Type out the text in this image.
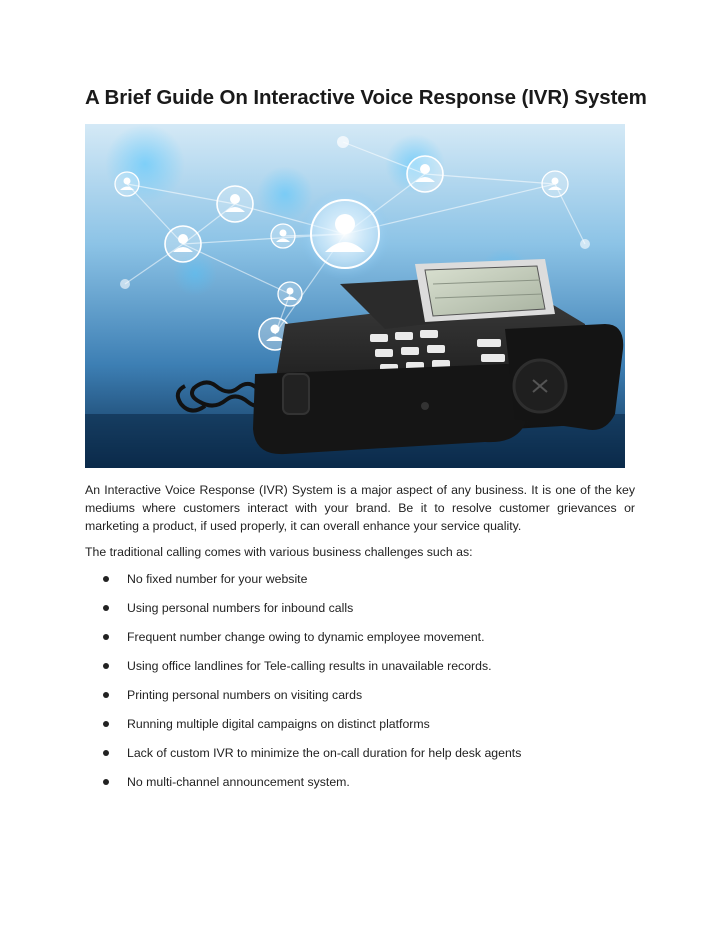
A Brief Guide On Interactive Voice Response (IVR) System

An Interactive Voice Response (IVR) System is a major aspect of any business. It is one of the key mediums where customers interact with your brand. Be it to resolve customer grievances or marketing a product, if used properly, it can overall enhance your service quality.

The traditional calling comes with various business challenges such as:

No fixed number for your website
Using personal numbers for inbound calls
Frequent number change owing to dynamic employee movement.
Using office landlines for Tele-calling results in unavailable records.
Printing personal numbers on visiting cards
Running multiple digital campaigns on distinct platforms
Lack of custom IVR to minimize the on-call duration for help desk agents
No multi-channel announcement system.
